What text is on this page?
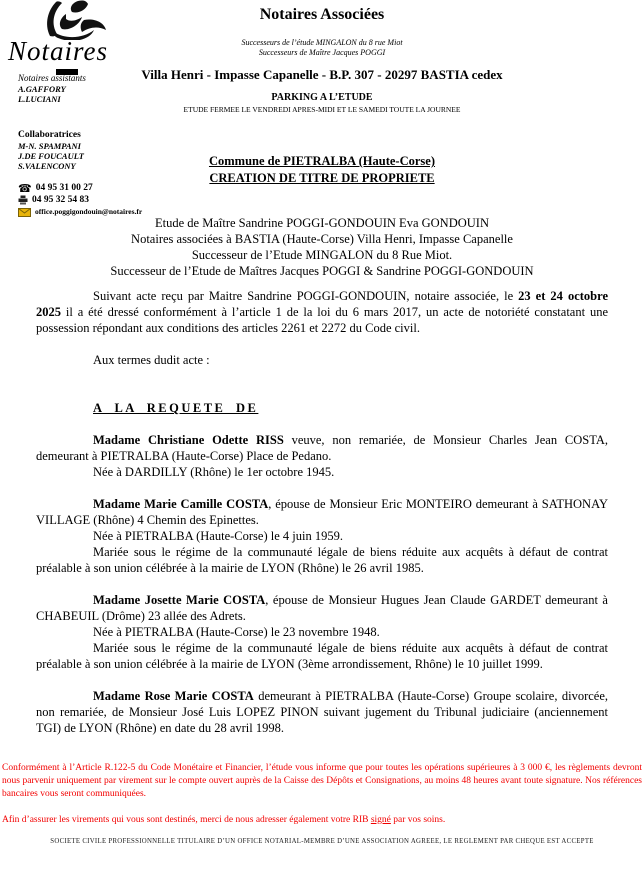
Notaires
Notaires assistants
A.GAFFORY
L.LUCIANI
Collaboratrices
M-N. SPAMPANI
J.DE FOUCAULT
S.VALENCONY
☎ 04 95 31 00 27
04 95 32 54 83
office.poggigondouin@notaires.fr
Notaires Associées
Successeurs de l’étude MINGALON du 8 rue Miot
Successeurs de Maître Jacques POGGI
Villa Henri - Impasse Capanelle - B.P. 307 - 20297 BASTIA cedex
PARKING A L’ETUDE
ETUDE FERMEE LE VENDREDI APRES-MIDI ET LE SAMEDI TOUTE LA JOURNEE
Commune de PIETRALBA (Haute-Corse)
CREATION DE TITRE DE PROPRIETE
Etude de Maître Sandrine POGGI-GONDOUIN Eva GONDOUIN
Notaires associées à BASTIA (Haute-Corse) Villa Henri, Impasse Capanelle
Successeur de l’Etude MINGALON du 8 Rue Miot.
Successeur de l’Etude de Maîtres Jacques POGGI & Sandrine POGGI-GONDOUIN

Suivant acte reçu par Maitre Sandrine POGGI-GONDOUIN, notaire associée, le 23 et 24 octobre 2025 il a été dressé conformément à l’article 1 de la loi du 6 mars 2017, un acte de notoriété constatant une possession répondant aux conditions des articles 2261 et 2272 du Code civil.

Aux termes dudit acte :

A LA REQUETE DE

Madame Christiane Odette RISS veuve, non remariée, de Monsieur Charles Jean COSTA, demeurant à PIETRALBA (Haute-Corse) Place de Pedano.

Née à DARDILLY (Rhône) le 1er octobre 1945.

Madame Marie Camille COSTA, épouse de Monsieur Eric MONTEIRO demeurant à SATHONAY VILLAGE (Rhône) 4 Chemin des Epinettes.

Née à PIETRALBA (Haute-Corse) le 4 juin 1959.

Mariée sous le régime de la communauté légale de biens réduite aux acquêts à défaut de contrat préalable à son union célébrée à la mairie de LYON (Rhône) le 26 avril 1985.

Madame Josette Marie COSTA, épouse de Monsieur Hugues Jean Claude GARDET demeurant à CHABEUIL (Drôme) 23 allée des Adrets.

Née à PIETRALBA (Haute-Corse) le 23 novembre 1948.

Mariée sous le régime de la communauté légale de biens réduite aux acquêts à défaut de contrat préalable à son union célébrée à la mairie de LYON (3ème arrondissement, Rhône) le 10 juillet 1999.

Madame Rose Marie COSTA demeurant à PIETRALBA (Haute-Corse) Groupe scolaire, divorcée, non remariée, de Monsieur José Luis LOPEZ PINON suivant jugement du Tribunal judiciaire (anciennement TGI) de LYON (Rhône) en date du 28 avril 1998.

Conformément à l’Article R.122-5 du Code Monétaire et Financier, l’étude vous informe que pour toutes les opérations supérieures à 3 000 €, les règlements devront nous parvenir uniquement par virement sur le compte ouvert auprès de la Caisse des Dépôts et Consignations, au moins 48 heures avant toute signature. Nos références bancaires vous seront communiquées.

Afin d’assurer les virements qui vous sont destinés, merci de nous adresser également votre RIB signé par vos soins.

SOCIETE CIVILE PROFESSIONNELLE TITULAIRE D’UN OFFICE NOTARIAL-MEMBRE D’UNE ASSOCIATION AGREEE, LE REGLEMENT PAR CHEQUE EST ACCEPTE
